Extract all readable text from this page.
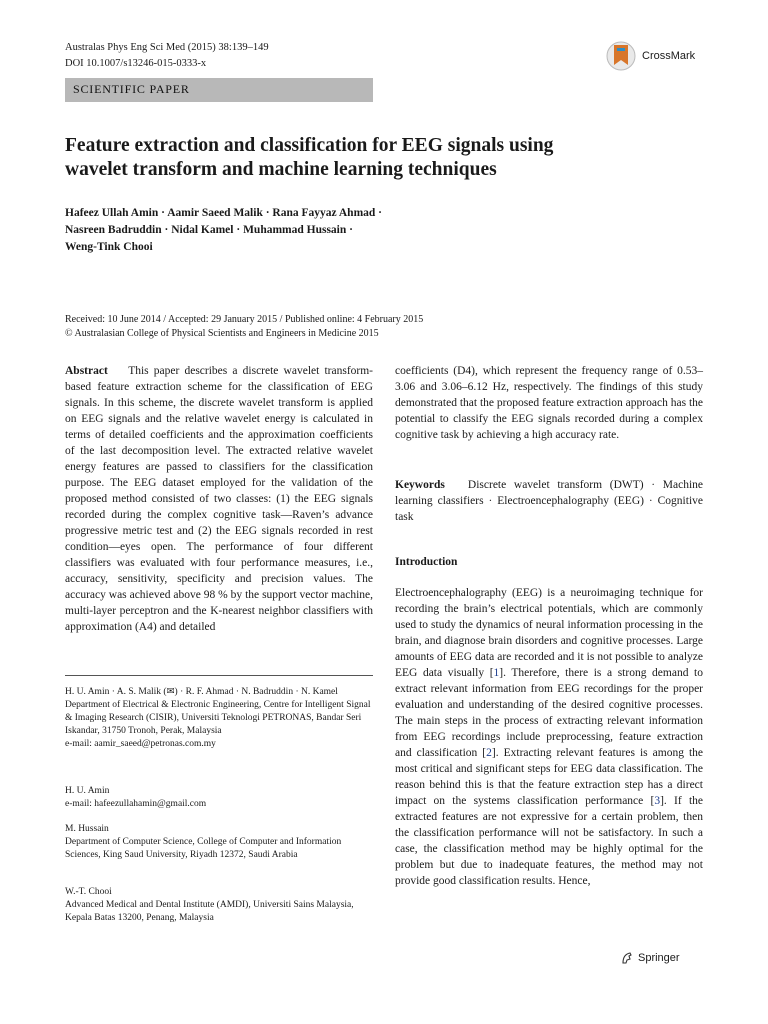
Australas Phys Eng Sci Med (2015) 38:139–149
DOI 10.1007/s13246-015-0333-x
CrossMark
SCIENTIFIC PAPER
Feature extraction and classification for EEG signals using
wavelet transform and machine learning techniques
Hafeez Ullah Amin · Aamir Saeed Malik · Rana Fayyaz Ahmad ·
Nasreen Badruddin · Nidal Kamel · Muhammad Hussain ·
Weng-Tink Chooi
Received: 10 June 2014 / Accepted: 29 January 2015 / Published online: 4 February 2015
© Australasian College of Physical Scientists and Engineers in Medicine 2015
Abstract This paper describes a discrete wavelet transform-based feature extraction scheme for the classification of EEG signals. In this scheme, the discrete wavelet transform is applied on EEG signals and the relative wavelet energy is calculated in terms of detailed coefficients and the approximation coefficients of the last decomposition level. The extracted relative wavelet energy features are passed to classifiers for the classification purpose. The EEG dataset employed for the validation of the proposed method consisted of two classes: (1) the EEG signals recorded during the complex cognitive task—Raven’s advance progressive metric test and (2) the EEG signals recorded in rest condition—eyes open. The performance of four different classifiers was evaluated with four performance measures, i.e., accuracy, sensitivity, specificity and precision values. The accuracy was achieved above 98 % by the support vector machine, multi-layer perceptron and the K-nearest neighbor classifiers with approximation (A4) and detailed
coefficients (D4), which represent the frequency range of 0.53–3.06 and 3.06–6.12 Hz, respectively. The findings of this study demonstrated that the proposed feature extraction approach has the potential to classify the EEG signals recorded during a complex cognitive task by achieving a high accuracy rate.
Keywords Discrete wavelet transform (DWT) · Machine learning classifiers · Electroencephalography (EEG) · Cognitive task
Introduction
Electroencephalography (EEG) is a neuroimaging technique for recording the brain’s electrical potentials, which are commonly used to study the dynamics of neural information processing in the brain, and diagnose brain disorders and cognitive processes. Large amounts of EEG data are recorded and it is not possible to analyze EEG data visually [1]. Therefore, there is a strong demand to extract relevant information from EEG recordings for the proper evaluation and understanding of the desired cognitive processes. The main steps in the process of extracting relevant information from EEG recordings include preprocessing, feature extraction and classification [2]. Extracting relevant features is among the most critical and significant steps for EEG data classification. The reason behind this is that the feature extraction step has a direct impact on the systems classification performance [3]. If the extracted features are not expressive for a certain problem, then the classification performance will not be satisfactory. In such a case, the classification method may be highly optimal for the problem but due to inadequate features, the method may not provide good classification results. Hence,
H. U. Amin · A. S. Malik (✉) · R. F. Ahmad · N. Badruddin · N. Kamel
Department of Electrical & Electronic Engineering, Centre for Intelligent Signal & Imaging Research (CISIR), Universiti Teknologi PETRONAS, Bandar Seri Iskandar, 31750 Tronoh, Perak, Malaysia
e-mail: aamir_saeed@petronas.com.my
H. U. Amin
e-mail: hafeezullahamin@gmail.com
M. Hussain
Department of Computer Science, College of Computer and Information Sciences, King Saud University, Riyadh 12372, Saudi Arabia
W.-T. Chooi
Advanced Medical and Dental Institute (AMDI), Universiti Sains Malaysia, Kepala Batas 13200, Penang, Malaysia
Springer
